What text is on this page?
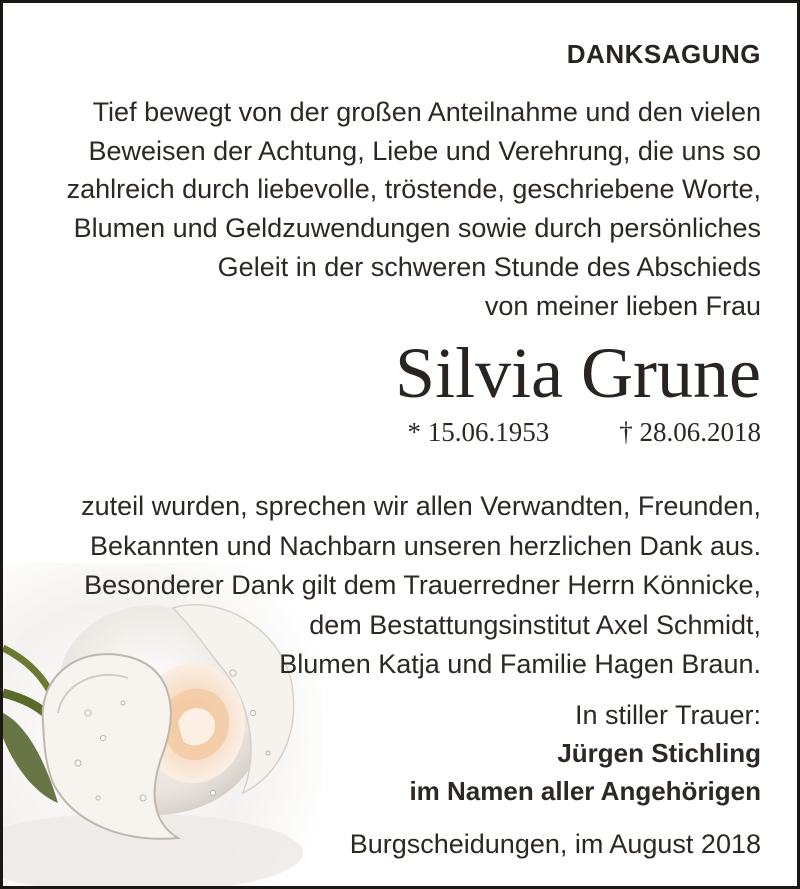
DANKSAGUNG
Tief bewegt von der großen Anteilnahme und den vielen
Beweisen der Achtung, Liebe und Verehrung, die uns so
zahlreich durch liebevolle, tröstende, geschriebene Worte,
Blumen und Geldzuwendungen sowie durch persönliches
Geleit in der schweren Stunde des Abschieds
von meiner lieben Frau
Silvia Grune
* 15.06.1953	† 28.06.2018
zuteil wurden, sprechen wir allen Verwandten, Freunden,
Bekannten und Nachbarn unseren herzlichen Dank aus.
Besonderer Dank gilt dem Trauerredner Herrn Könnicke,
dem Bestattungsinstitut Axel Schmidt,
Blumen Katja und Familie Hagen Braun.
In stiller Trauer:
Jürgen Stichling
im Namen aller Angehörigen
Burgscheidungen, im August 2018
